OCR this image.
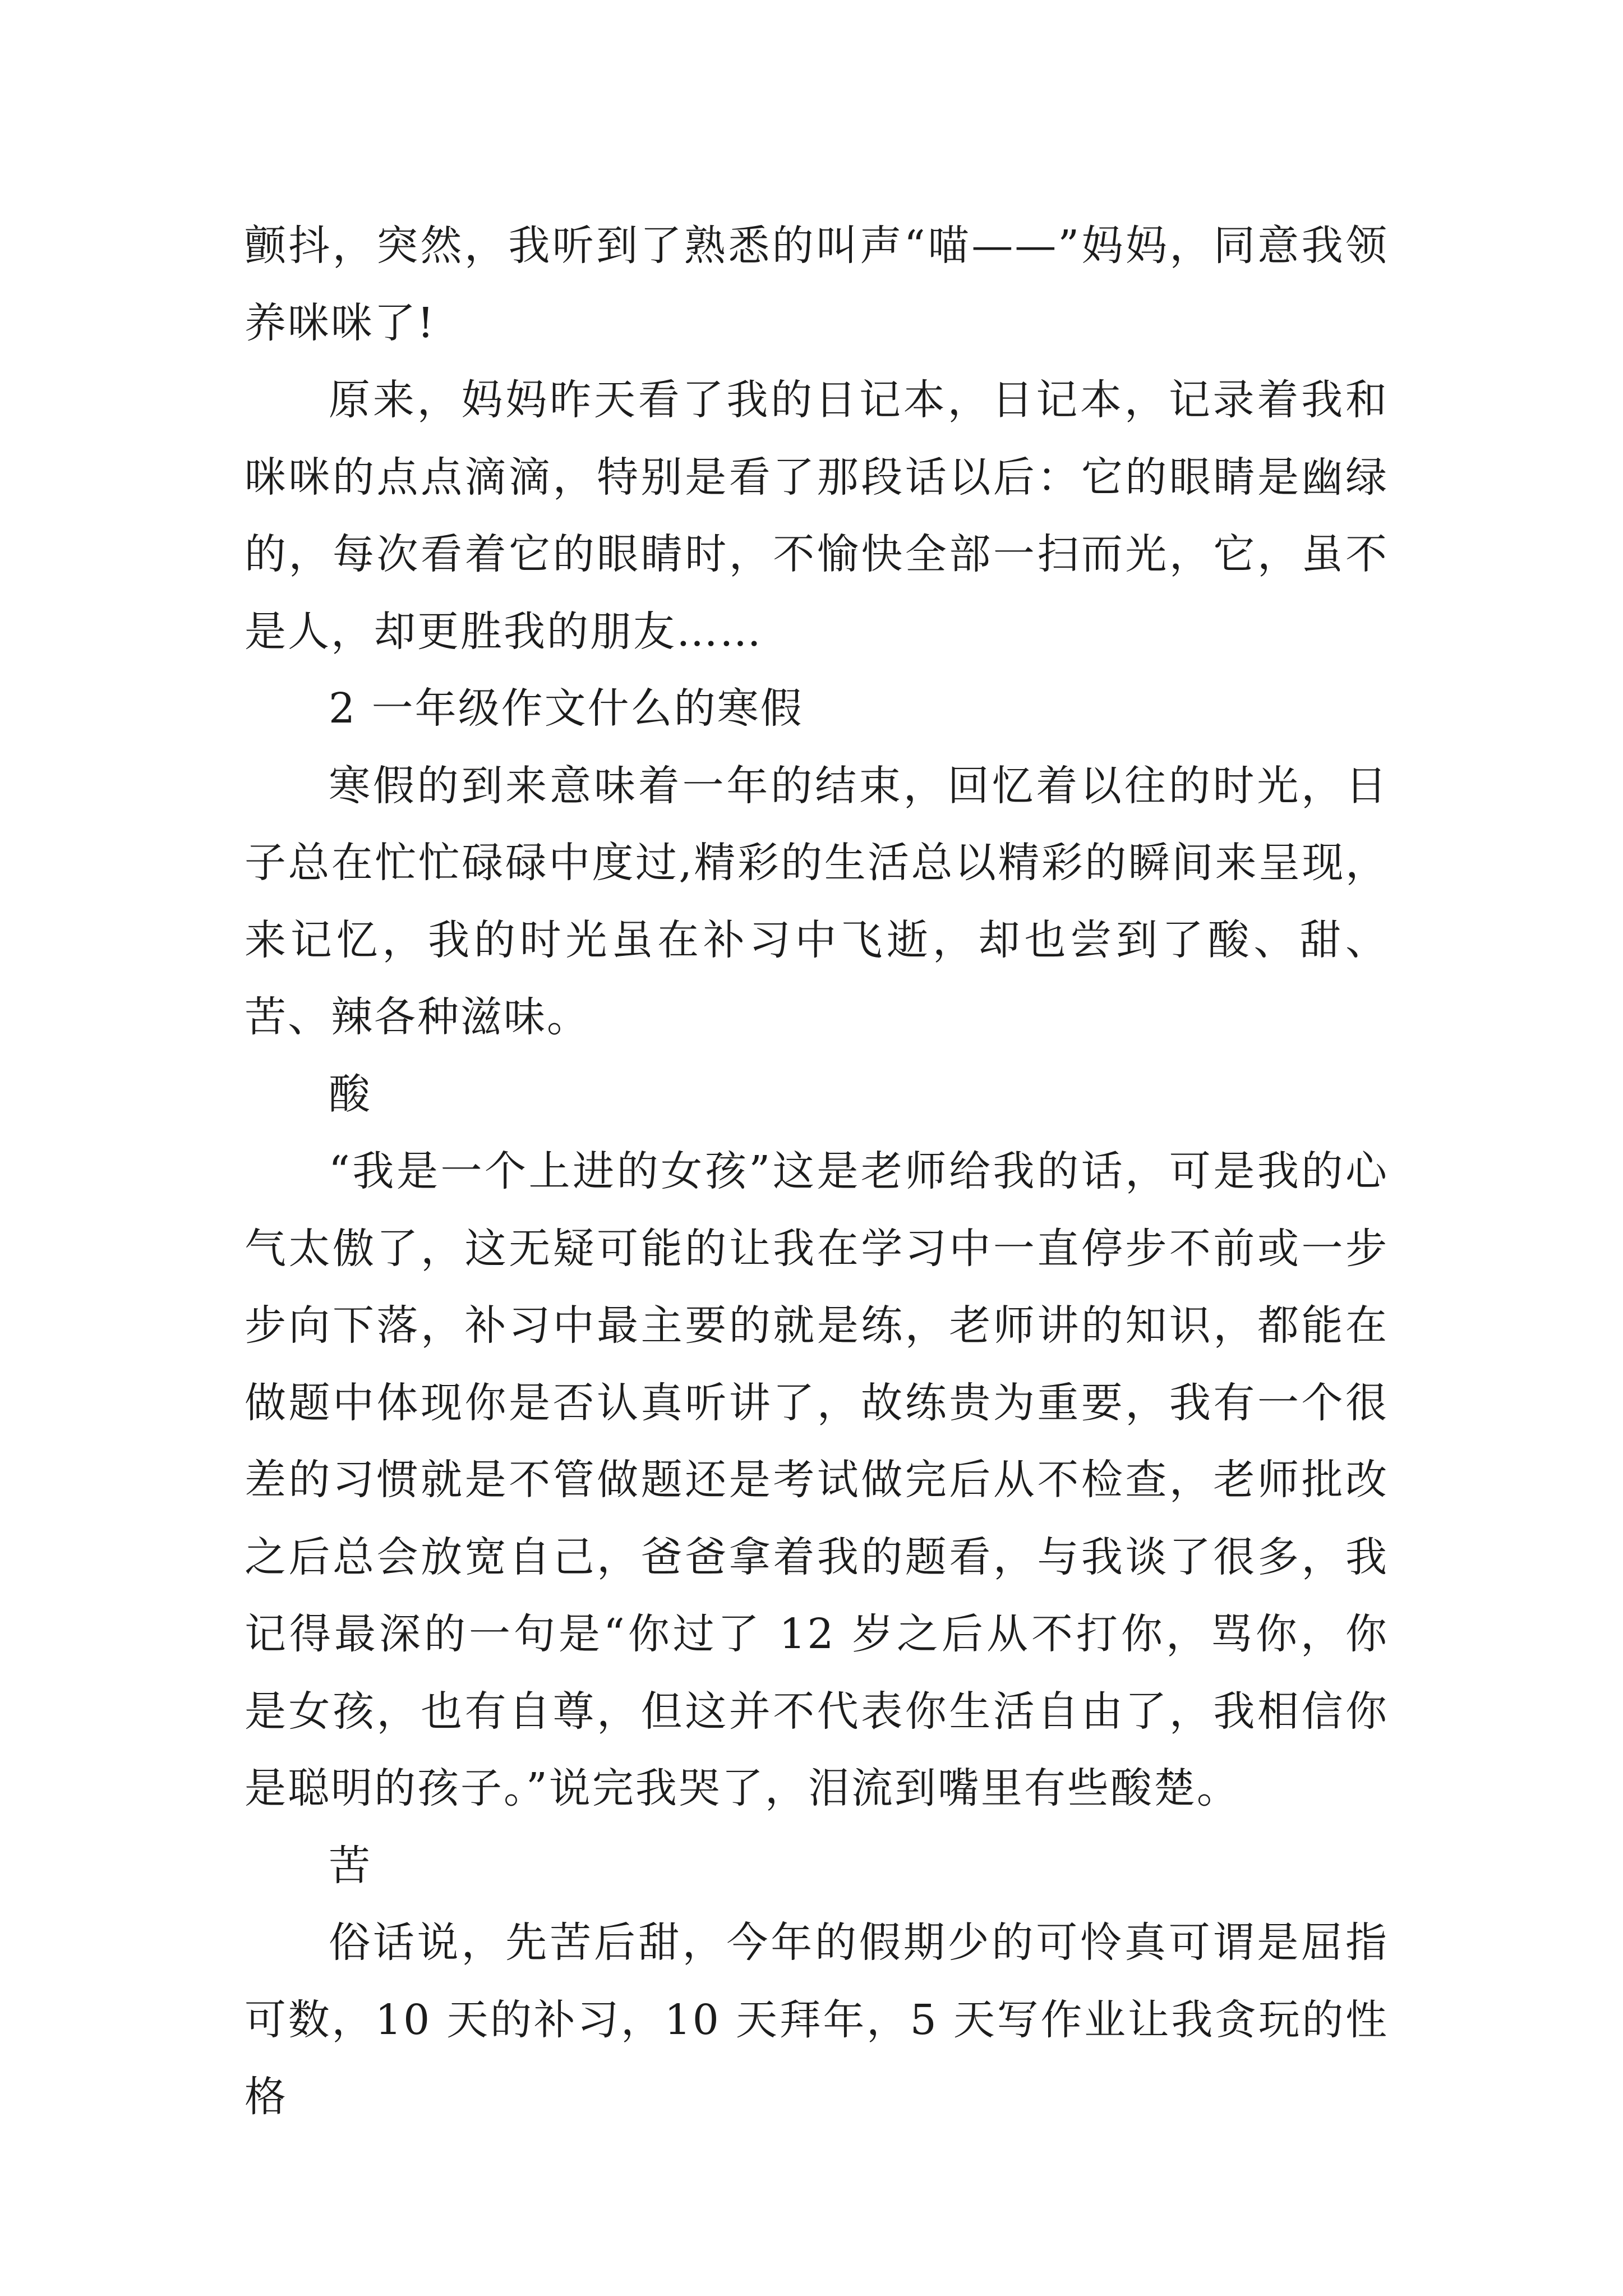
颤抖，突然，我听到了熟悉的叫声“喵——”妈妈，同意我领养咪咪了!

原来，妈妈昨天看了我的日记本，日记本，记录着我和咪咪的点点滴滴，特别是看了那段话以后：它的眼睛是幽绿的，每次看着它的眼睛时，不愉快全部一扫而光，它，虽不是人，却更胜我的朋友……

2 一年级作文什么的寒假

寒假的到来意味着一年的结束，回忆着以往的时光，日子总在忙忙碌碌中度过,精彩的生活总以精彩的瞬间来呈现，来记忆，我的时光虽在补习中飞逝，却也尝到了酸、甜、苦、辣各种滋味。

酸

“我是一个上进的女孩”这是老师给我的话，可是我的心气太傲了，这无疑可能的让我在学习中一直停步不前或一步步向下落，补习中最主要的就是练，老师讲的知识，都能在做题中体现你是否认真听讲了，故练贵为重要，我有一个很差的习惯就是不管做题还是考试做完后从不检查，老师批改之后总会放宽自己，爸爸拿着我的题看，与我谈了很多，我记得最深的一句是“你过了 12 岁之后从不打你，骂你，你是女孩，也有自尊，但这并不代表你生活自由了，我相信你是聪明的孩子。”说完我哭了，泪流到嘴里有些酸楚。

苦

俗话说，先苦后甜，今年的假期少的可怜真可谓是屈指可数，10 天的补习，10 天拜年，5 天写作业让我贪玩的性格
